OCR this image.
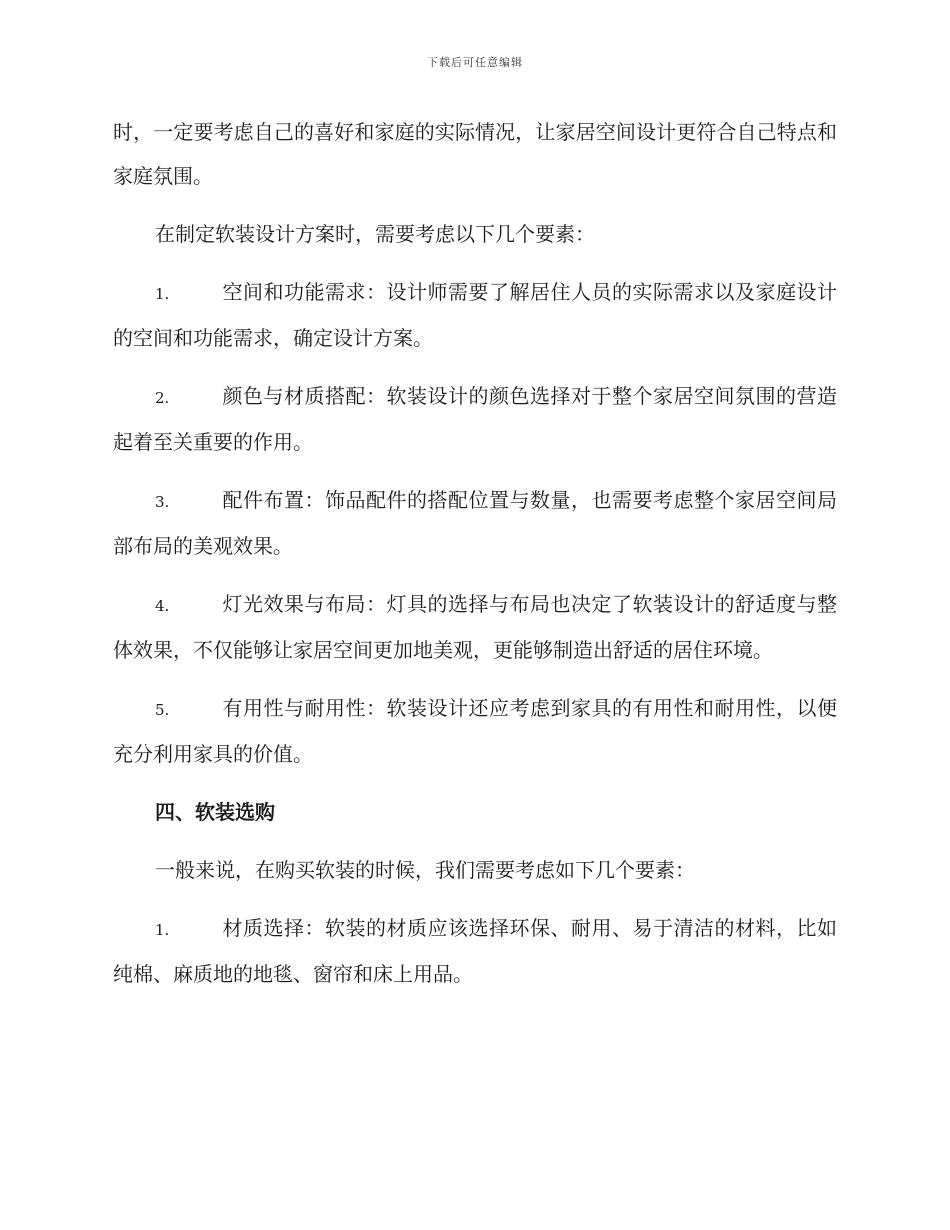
下载后可任意编辑

时，一定要考虑自己的喜好和家庭的实际情况，让家居空间设计更符合自己特点和家庭氛围。

在制定软装设计方案时，需要考虑以下几个要素：

1.	空间和功能需求：设计师需要了解居住人员的实际需求以及家庭设计的空间和功能需求，确定设计方案。

2.	颜色与材质搭配：软装设计的颜色选择对于整个家居空间氛围的营造起着至关重要的作用。

3.	配件布置：饰品配件的搭配位置与数量，也需要考虑整个家居空间局部布局的美观效果。

4.	灯光效果与布局：灯具的选择与布局也决定了软装设计的舒适度与整体效果，不仅能够让家居空间更加地美观，更能够制造出舒适的居住环境。

5.	有用性与耐用性：软装设计还应考虑到家具的有用性和耐用性，以便充分利用家具的价值。

四、软装选购

一般来说，在购买软装的时候，我们需要考虑如下几个要素：

1.	材质选择：软装的材质应该选择环保、耐用、易于清洁的材料，比如纯棉、麻质地的地毯、窗帘和床上用品。
